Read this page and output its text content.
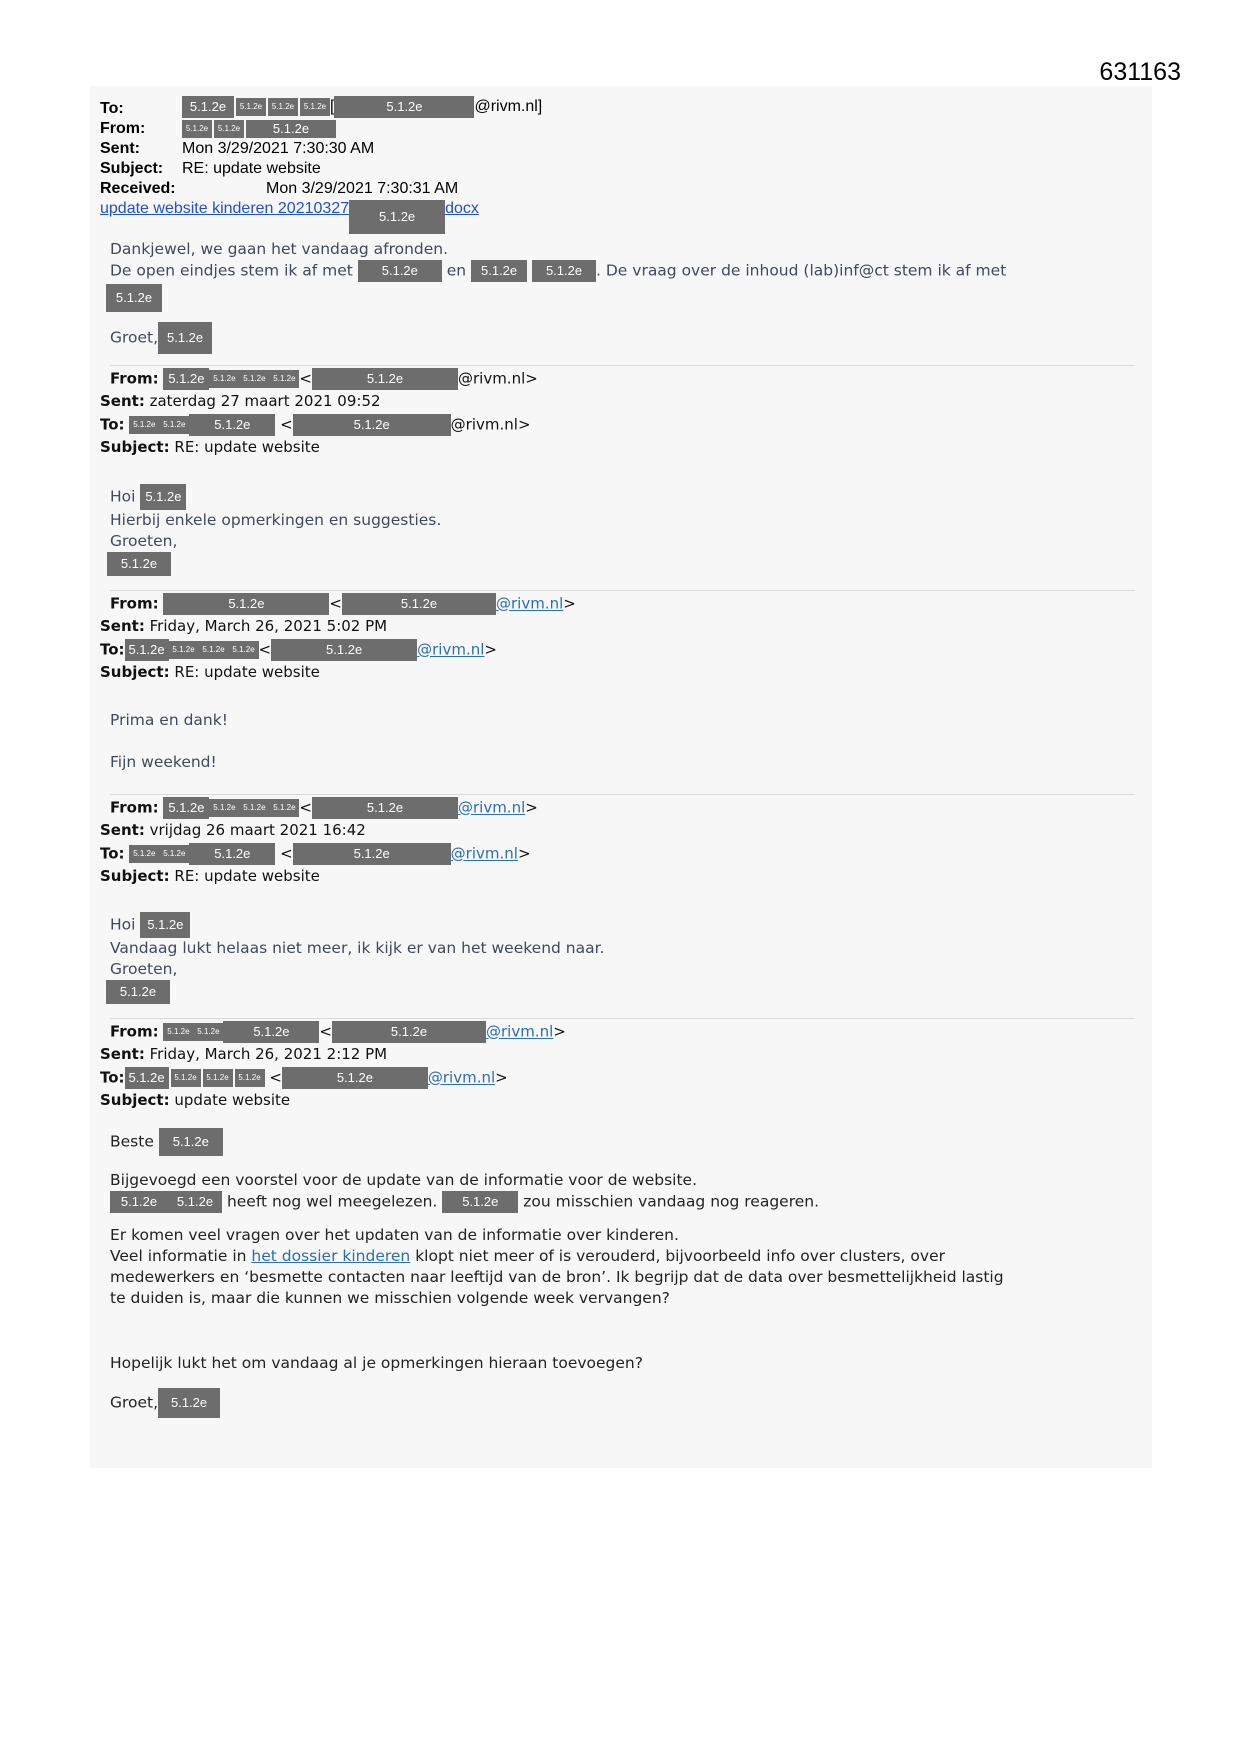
631163
To:	5.1.2e 5.1.2e 5.1.2e 5.1.2e [	5.1.2e	@rivm.nl]
From:	5.1.2e 5.1.2e	5.1.2e
Sent:	Mon 3/29/2021 7:30:30 AM
Subject: RE: update website
Received:	Mon 3/29/2021 7:30:31 AM
update website kinderen 20210327 5.1.2e docx
Dankjewel, we gaan het vandaag afronden.
De open eindjes stem ik af met 5.1.2e en 5.1.2e 5.1.2e . De vraag over de inhoud (lab)inf@ct stem ik af met
5.1.2e
Groet, 5.1.2e
From: 5.1.2e 5.1.2e 5.1.2e 5.1.2e <	5.1.2e	@rivm.nl>
Sent: zaterdag 27 maart 2021 09:52
To: 5.1.2e 5.1.2e 5.1.2e <	5.1.2e	@rivm.nl>
Subject: RE: update website
Hoi 5.1.2e
Hierbij enkele opmerkingen en suggesties.
Groeten,
5.1.2e
From:	5.1.2e	<	5.1.2e	@rivm.nl>
Sent: Friday, March 26, 2021 5:02 PM
To: 5.1.2e 5.1.2e 5.1.2e 5.1.2e <	5.1.2e	@rivm.nl>
Subject: RE: update website
Prima en dank!
Fijn weekend!
From: 5.1.2e 5.1.2e 5.1.2e 5.1.2e <	5.1.2e	@rivm.nl>
Sent: vrijdag 26 maart 2021 16:42
To: 5.1.2e 5.1.2e 5.1.2e <	5.1.2e	@rivm.nl>
Subject: RE: update website
Hoi 5.1.2e
Vandaag lukt helaas niet meer, ik kijk er van het weekend naar.
Groeten,
5.1.2e
From: 5.1.2e 5.1.2e	5.1.2e <	5.1.2e	@rivm.nl>
Sent: Friday, March 26, 2021 2:12 PM
To: 5.1.2e 5.1.2e 5.1.2e 5.1.2e <	5.1.2e	@rivm.nl>
Subject: update website
Beste 5.1.2e
Bijgevoegd een voorstel voor de update van de informatie voor de website.
5.1.2e 5.1.2e heeft nog wel meegelezen. 5.1.2e zou misschien vandaag nog reageren.
Er komen veel vragen over het updaten van de informatie over kinderen.
Veel informatie in het dossier kinderen klopt niet meer of is verouderd, bijvoorbeeld info over clusters, over
medewerkers en ‘besmette contacten naar leeftijd van de bron’. Ik begrijp dat de data over besmettelijkheid lastig
te duiden is, maar die kunnen we misschien volgende week vervangen?
Hopelijk lukt het om vandaag al je opmerkingen hieraan toevoegen?
Groet, 5.1.2e
